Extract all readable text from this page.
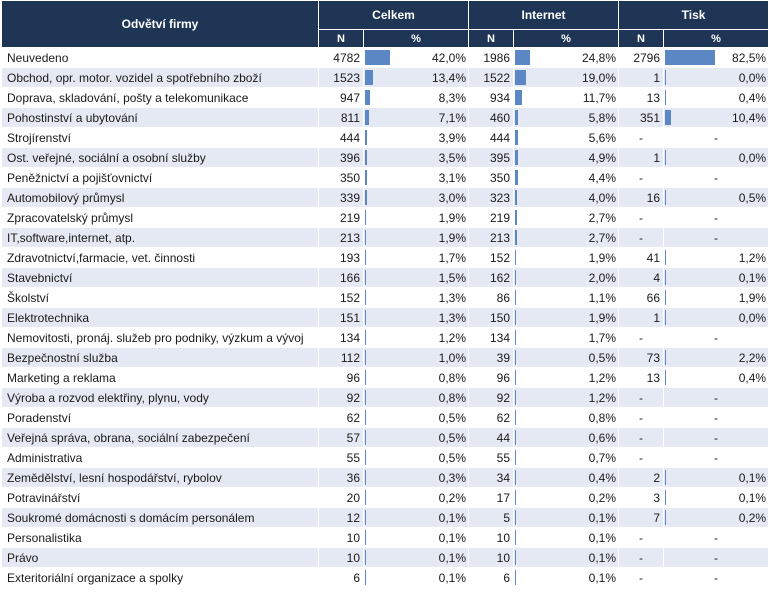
Odvětví firmy	Celkem		Internet		Tisk	
	N	%	N	%	N	%
Neuvedeno	4782	42,0%	1986	24,8%	2796	82,5%

Obchod, opr. motor. vozidel a spotřebního zboží	1523	13,4%	1522	19,0%	1	0,0%

Doprava, skladování, pošty a telekomunikace	947	8,3%	934	11,7%	13	0,4%

Pohostinství a ubytování	811	7,1%	460	5,8%	351	10,4%

Strojírenství	444	3,9%	444	5,6%	-	-
Ost. veřejné, sociální a osobní služby	396	3,5%	395	4,9%	1	0,0%

Peněžnictví a pojišťovnictví	350	3,1%	350	4,4%	-	-
Automobilový průmysl	339	3,0%	323	4,0%	16	0,5%

Zpracovatelský průmysl	219	1,9%	219	2,7%	-	-
IT,software,internet, atp.	213	1,9%	213	2,7%	-	-
Zdravotnictví,farmacie, vet. činnosti	193	1,7%	152	1,9%	41	1,2%

Stavebnictví	166	1,5%	162	2,0%	4	0,1%

Školství	152	1,3%	86	1,1%	66	1,9%

Elektrotechnika	151	1,3%	150	1,9%	1	0,0%

Nemovitosti, pronáj. služeb pro podniky, výzkum a vývoj	134	1,2%	134	1,7%	-	-
Bezpečnostní služba	112	1,0%	39	0,5%	73	2,2%

Marketing a reklama	96	0,8%	96	1,2%	13	0,4%

Výroba a rozvod elektřiny, plynu, vody	92	0,8%	92	1,2%	-	-
Poradenství	62	0,5%	62	0,8%	-	-
Veřejná správa, obrana, sociální zabezpečení	57	0,5%	44	0,6%	-	-
Administrativa	55	0,5%	55	0,7%	-	-
Zemědělství, lesní hospodářství, rybolov	36	0,3%	34	0,4%	2	0,1%

Potravinářství	20	0,2%	17	0,2%	3	0,1%

Soukromé domácnosti s domácím personálem	12	0,1%	5	0,1%	7	0,2%

Personalistika	10	0,1%	10	0,1%	-	-
Právo	10	0,1%	10	0,1%	-	-
Exteritoriální organizace a spolky	6	0,1%	6	0,1%	-	-
